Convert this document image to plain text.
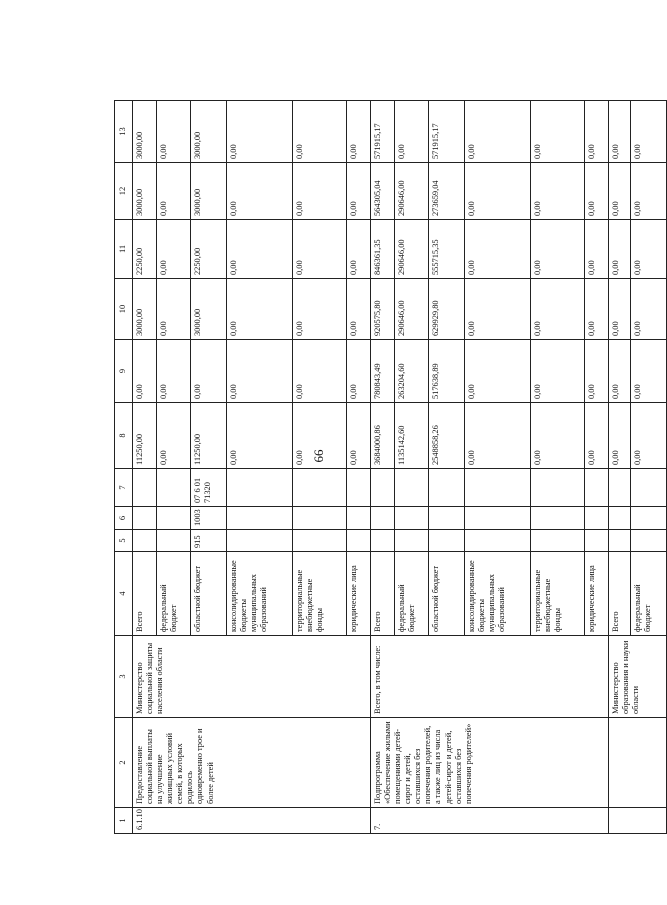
66
1	2	3	4	5	6	7	8	9	10	11	12	13
6.1.10	Предоставление социальной выплаты на улучшение жилищных условий семей, в которых родилось одновременно трое и более детей	Министерство социальной защиты населения области	Всего				11250,00	0,00	3000,00	2250,00	3000,00	3000,00
			федеральный бюджет				0,00	0,00	0,00	0,00	0,00	0,00
			областной бюджет	915	1003	07 6 01 71320	11250,00	0,00	3000,00	2250,00	3000,00	3000,00
			консолидированные бюджеты муниципальных образований				0,00	0,00	0,00	0,00	0,00	0,00
			территориальные внебюджетные фонды				0,00	0,00	0,00	0,00	0,00	0,00
			юридические лица				0,00	0,00	0,00	0,00	0,00	0,00
7.	Подпрограмма «Обеспечение жилыми помещениями детей-сирот и детей, оставшихся без попечения родителей, а также лиц из числа детей-сирот и детей, оставшихся без попечения родителей»	Всего, в том числе:	Всего				3684000,86	780843,49	920575,80	846361,35	564305,04	571915,17
			федеральный бюджет				1135142,60	263204,60	290646,00	290646,00	290646,00	0,00
			областной бюджет				2548858,26	517638,89	629929,80	555715,35	273659,04	571915,17
			консолидированные бюджеты муниципальных образований				0,00	0,00	0,00	0,00	0,00	0,00
			территориальные внебюджетные фонды				0,00	0,00	0,00	0,00	0,00	0,00
			юридические лица				0,00	0,00	0,00	0,00	0,00	0,00
		Министерство образования и науки области	Всего				0,00	0,00	0,00	0,00	0,00	0,00
			федеральный бюджет				0,00	0,00	0,00	0,00	0,00	0,00
